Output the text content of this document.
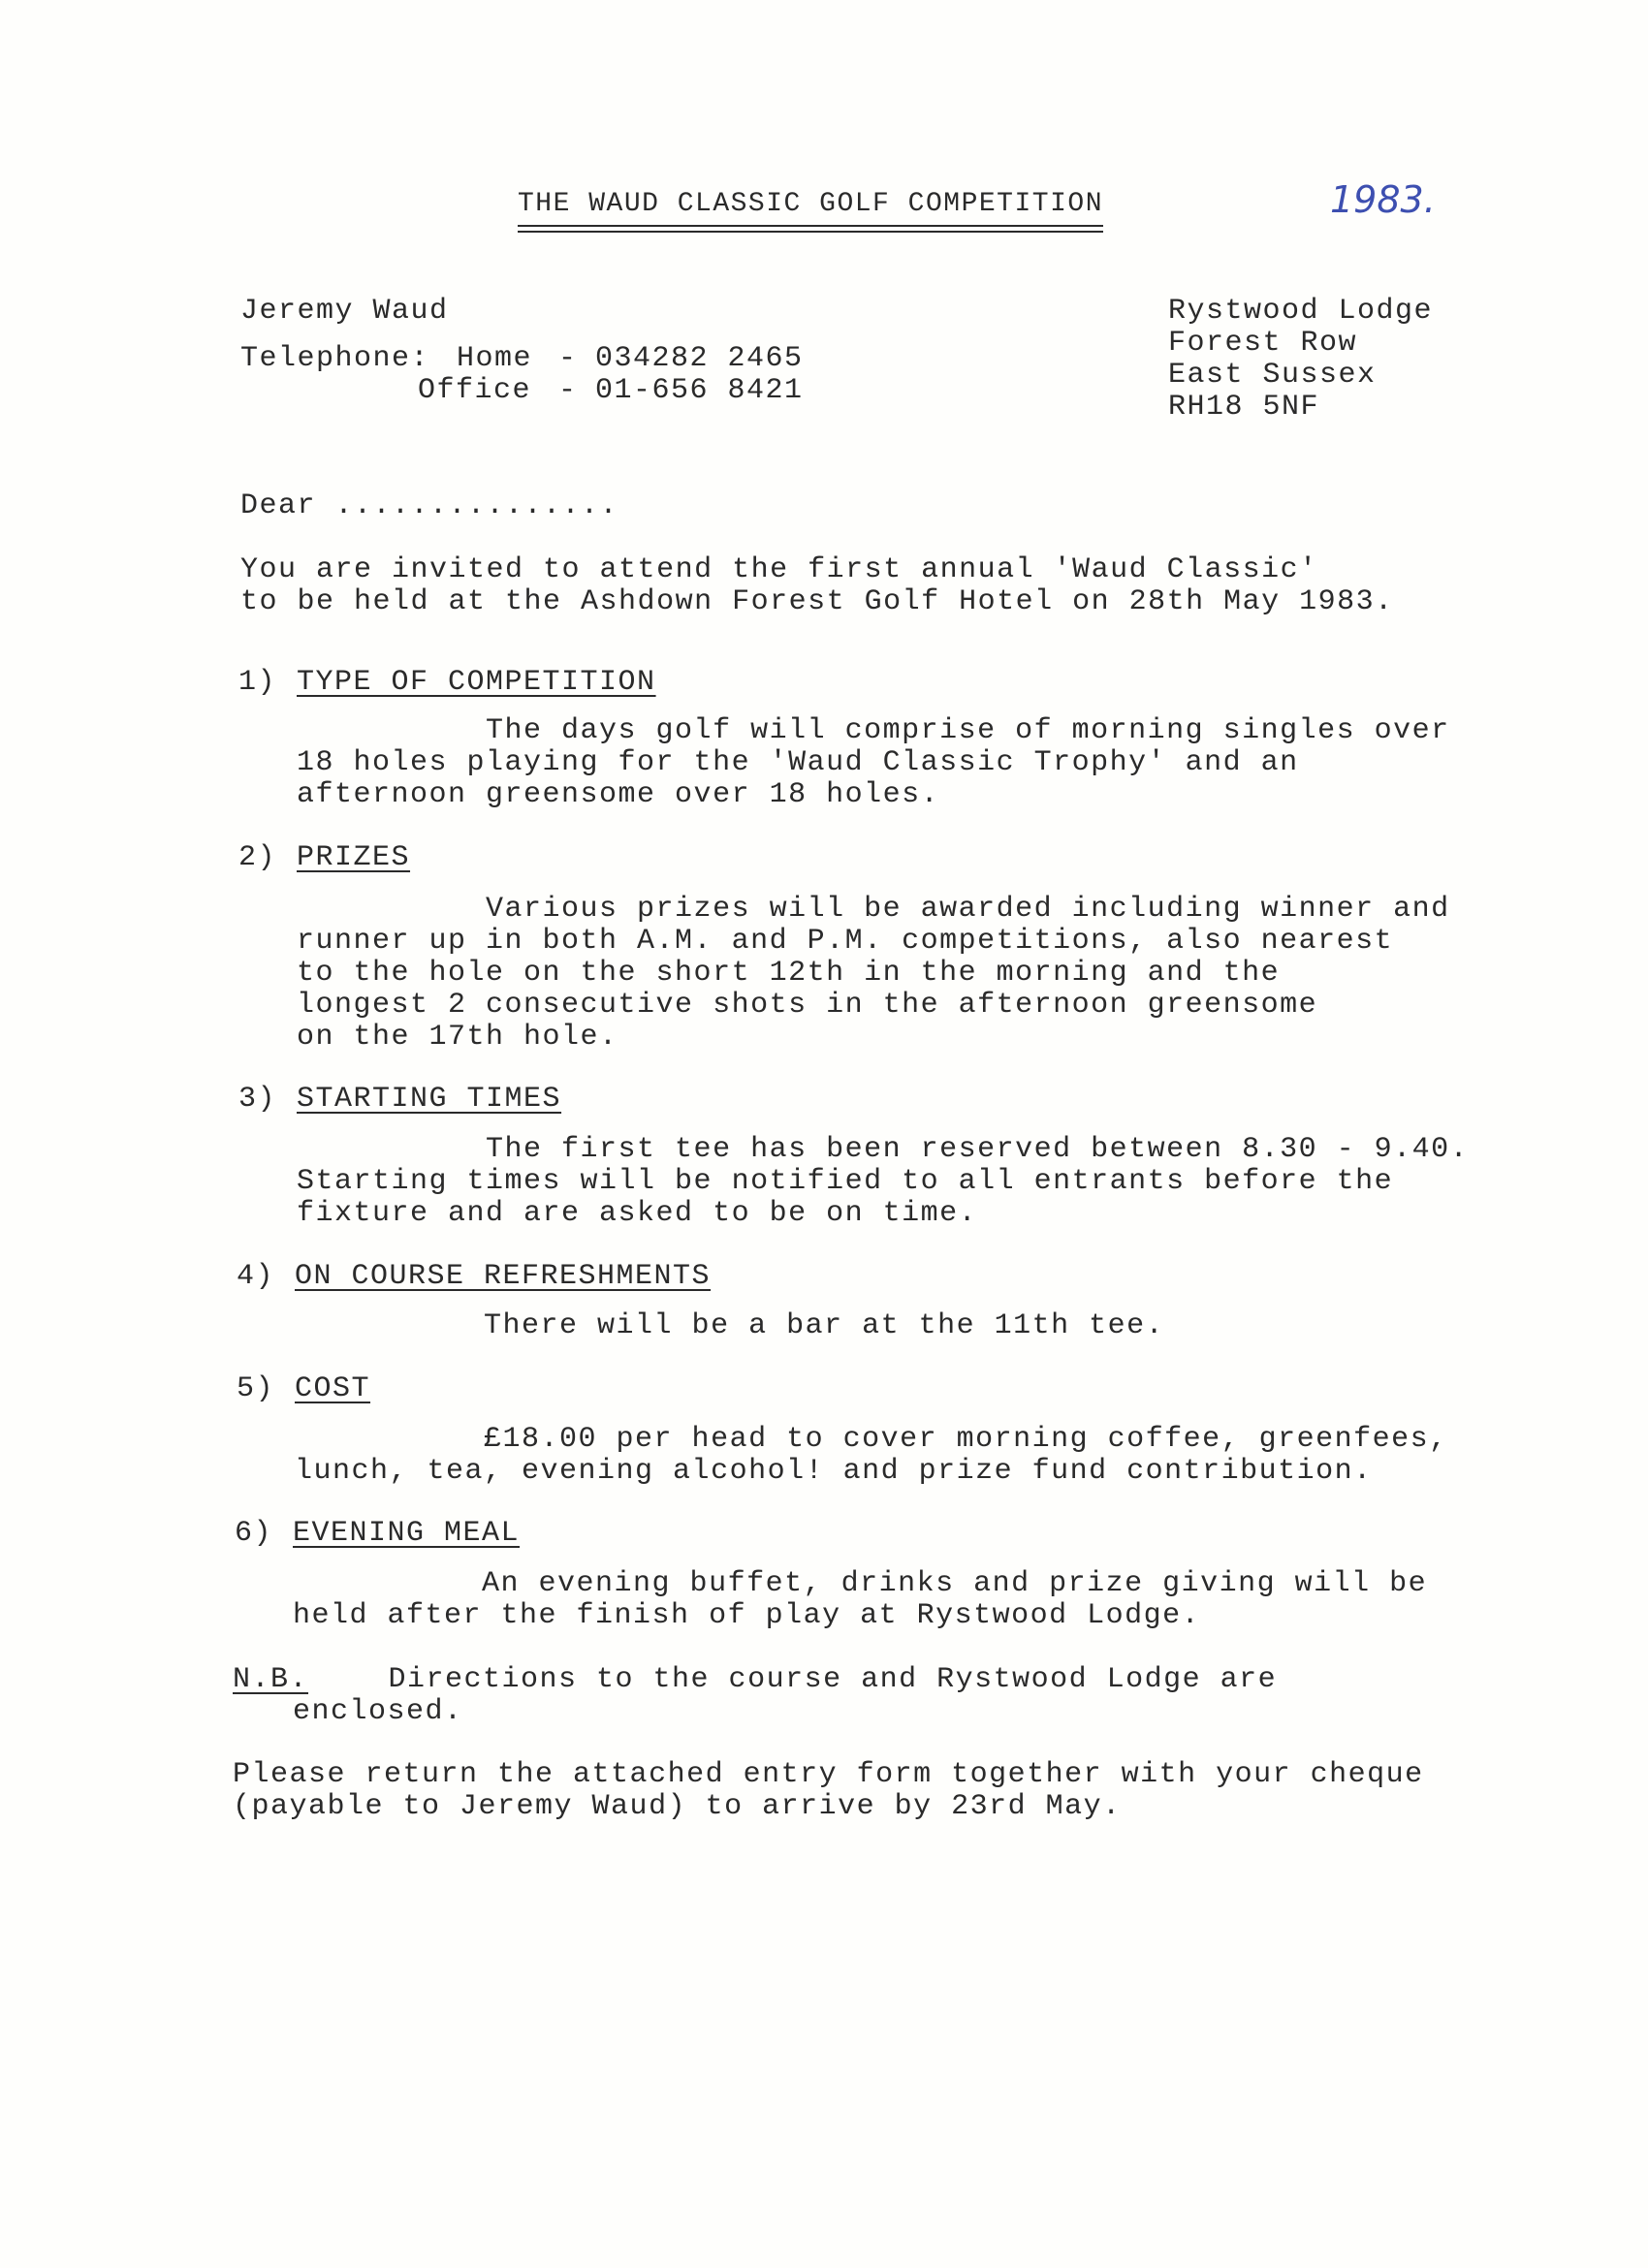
THE WAUD CLASSIC GOLF COMPETITION	1983.
Jeremy Waud
Telephone: Home - 034282 2465
Office - 01-656 8421
Rystwood Lodge
Forest Row
East Sussex
RH18 5NF
Dear ...............
You are invited to attend the first annual 'Waud Classic'
to be held at the Ashdown Forest Golf Hotel on 28th May 1983.
1) TYPE OF COMPETITION
The days golf will comprise of morning singles over
18 holes playing for the 'Waud Classic Trophy' and an
afternoon greensome over 18 holes.
2) PRIZES
Various prizes will be awarded including winner and
runner up in both A.M. and P.M. competitions, also nearest
to the hole on the short 12th in the morning and the
longest 2 consecutive shots in the afternoon greensome
on the 17th hole.
3) STARTING TIMES
The first tee has been reserved between 8.30 - 9.40.
Starting times will be notified to all entrants before the
fixture and are asked to be on time.
4) ON COURSE REFRESHMENTS
There will be a bar at the 11th tee.
5) COST
£18.00 per head to cover morning coffee, greenfees,
lunch, tea, evening alcohol! and prize fund contribution.
6) EVENING MEAL
An evening buffet, drinks and prize giving will be
held after the finish of play at Rystwood Lodge.
N.B. Directions to the course and Rystwood Lodge are
enclosed.
Please return the attached entry form together with your cheque
(payable to Jeremy Waud) to arrive by 23rd May.
